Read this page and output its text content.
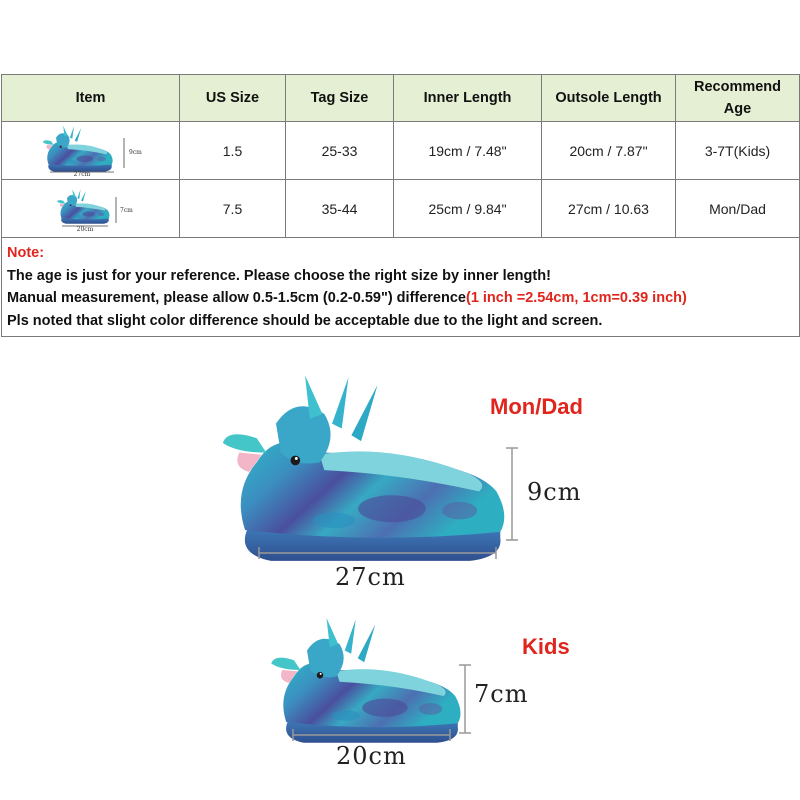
Item	US Size	Tag Size	Inner Length	Outsole Length	Recommend Age

27cm
9cm	1.5	25-33	19cm / 7.48"	20cm / 7.87"	3-7T(Kids)

20cm
7cm	7.5	35-44	25cm / 9.84"	27cm / 10.63	Mon/Dad

Note:
The age is just for your reference. Please choose the right size by inner length!
Manual measurement, please allow 0.5-1.5cm (0.2-0.59") difference(1 inch =2.54cm, 1cm=0.39 inch)
Pls noted that slight color difference should be acceptable due to the light and screen.					
Mon/Dad
9cm
27cm
Kids
7cm
20cm
